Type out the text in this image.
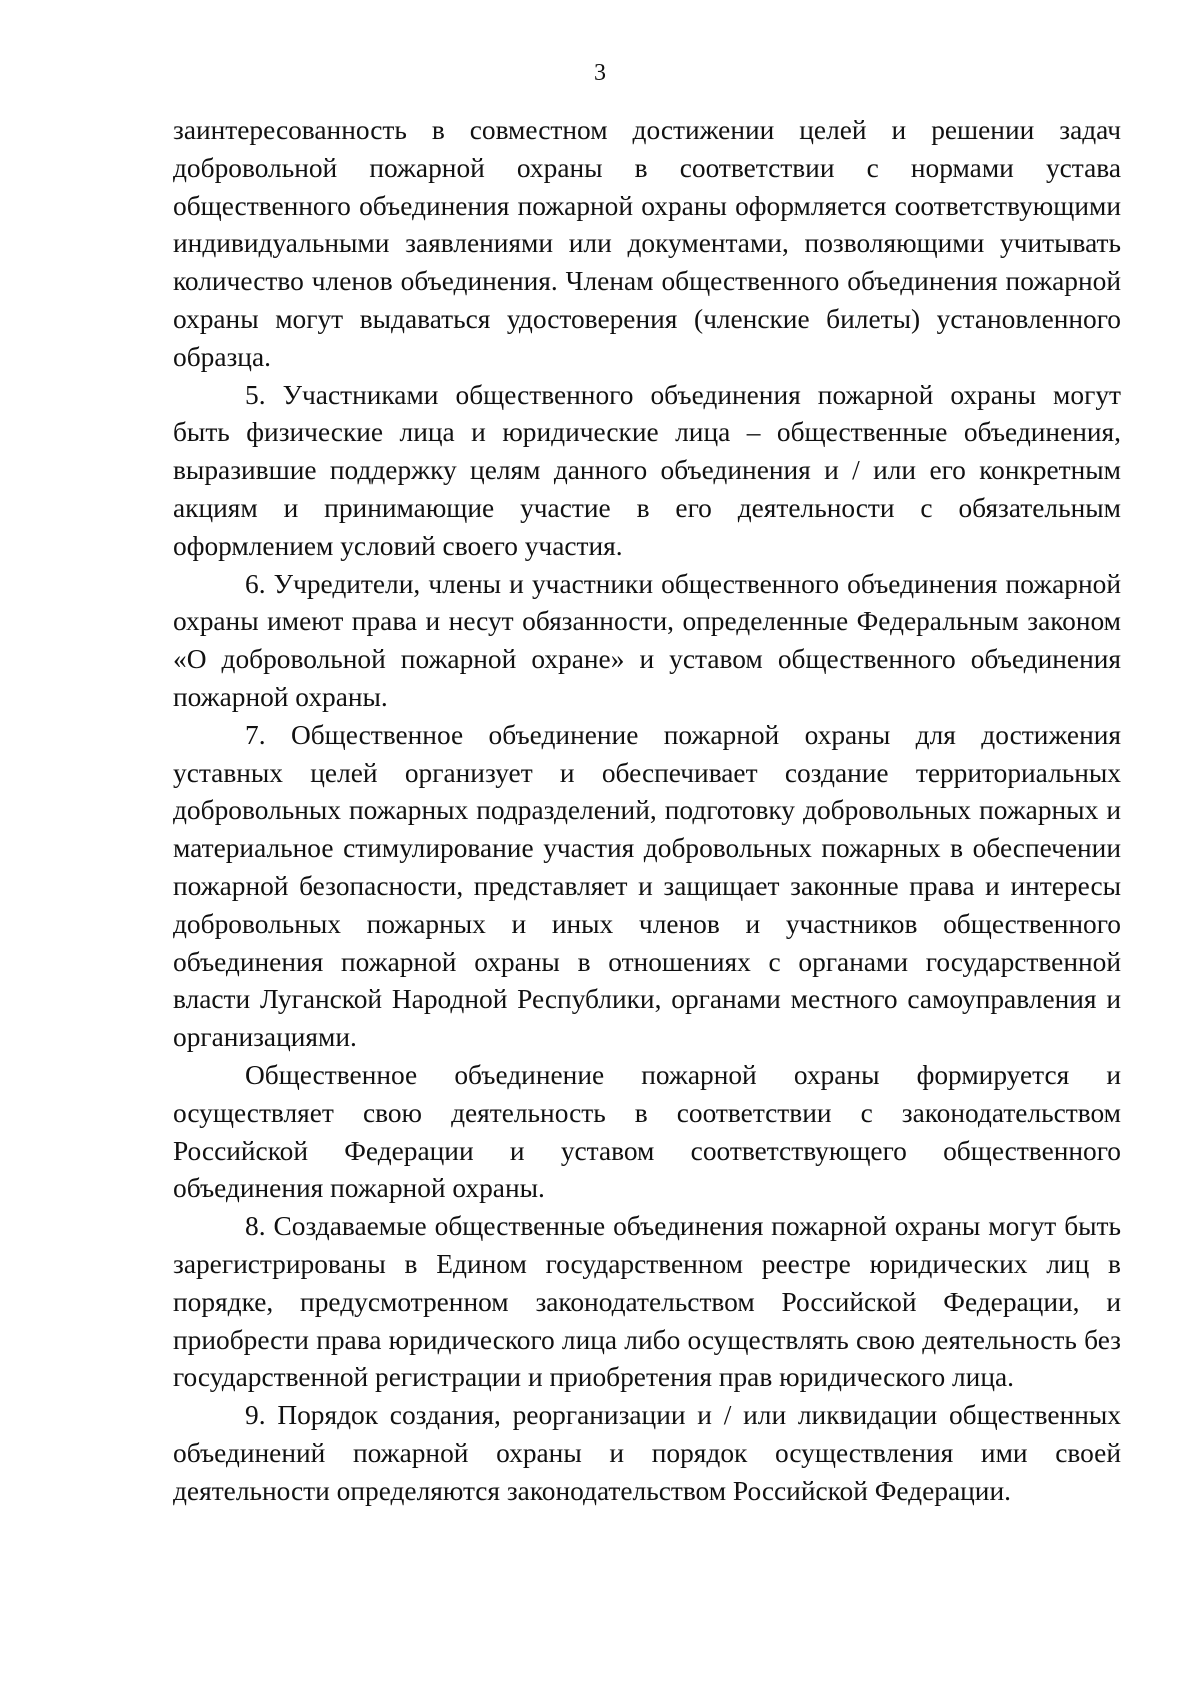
3

заинтересованность в совместном достижении целей и решении задач добровольной пожарной охраны в соответствии с нормами устава общественного объединения пожарной охраны оформляется соответствующими индивидуальными заявлениями или документами, позволяющими учитывать количество членов объединения. Членам общественного объединения пожарной охраны могут выдаваться удостоверения (членские билеты) установленного образца.

5. Участниками общественного объединения пожарной охраны могут быть физические лица и юридические лица – общественные объединения, выразившие поддержку целям данного объединения и / или его конкретным акциям и принимающие участие в его деятельности с обязательным оформлением условий своего участия.

6. Учредители, члены и участники общественного объединения пожарной охраны имеют права и несут обязанности, определенные Федеральным законом «О добровольной пожарной охране» и уставом общественного объединения пожарной охраны.

7. Общественное объединение пожарной охраны для достижения уставных целей организует и обеспечивает создание территориальных добровольных пожарных подразделений, подготовку добровольных пожарных и материальное стимулирование участия добровольных пожарных в обеспечении пожарной безопасности, представляет и защищает законные права и интересы добровольных пожарных и иных членов и участников общественного объединения пожарной охраны в отношениях с органами государственной власти Луганской Народной Республики, органами местного самоуправления и организациями.

Общественное объединение пожарной охраны формируется и осуществляет свою деятельность в соответствии с законодательством Российской Федерации и уставом соответствующего общественного объединения пожарной охраны.

8. Создаваемые общественные объединения пожарной охраны могут быть зарегистрированы в Едином государственном реестре юридических лиц в порядке, предусмотренном законодательством Российской Федерации, и приобрести права юридического лица либо осуществлять свою деятельность без государственной регистрации и приобретения прав юридического лица.

9. Порядок создания, реорганизации и / или ликвидации общественных объединений пожарной охраны и порядок осуществления ими своей деятельности определяются законодательством Российской Федерации.
